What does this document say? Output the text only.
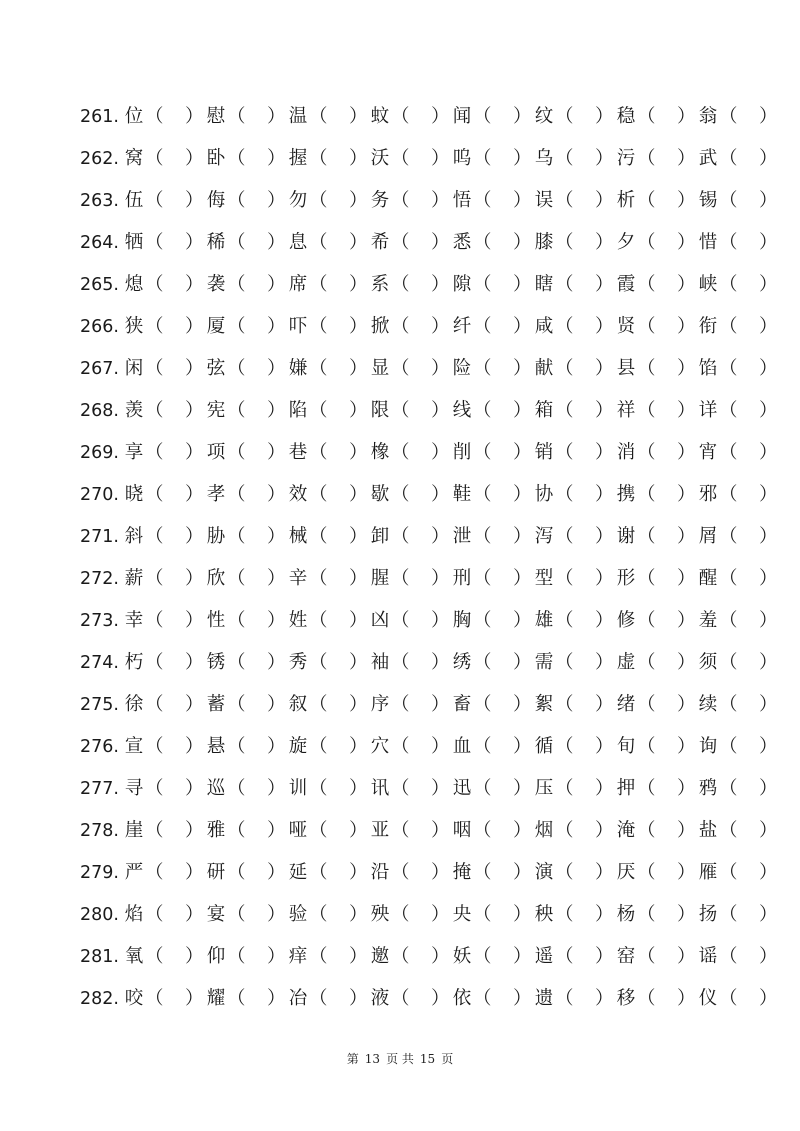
261. 位（ ） 慰（ ） 温（ ） 蚊（ ） 闻（ ） 纹（ ） 稳（ ） 翁（ ）
262. 窝（ ） 卧（ ） 握（ ） 沃（ ） 呜（ ） 乌（ ） 污（ ） 武（ ）
263. 伍（ ） 侮（ ） 勿（ ） 务（ ） 悟（ ） 误（ ） 析（ ） 锡（ ）
264. 牺（ ） 稀（ ） 息（ ） 希（ ） 悉（ ） 膝（ ） 夕（ ） 惜（ ）
265. 熄（ ） 袭（ ） 席（ ） 系（ ） 隙（ ） 瞎（ ） 霞（ ） 峡（ ）
266. 狭（ ） 厦（ ） 吓（ ） 掀（ ） 纤（ ） 咸（ ） 贤（ ） 衔（ ）
267. 闲（ ） 弦（ ） 嫌（ ） 显（ ） 险（ ） 献（ ） 县（ ） 馅（ ）
268. 羡（ ） 宪（ ） 陷（ ） 限（ ） 线（ ） 箱（ ） 祥（ ） 详（ ）
269. 享（ ） 项（ ） 巷（ ） 橡（ ） 削（ ） 销（ ） 消（ ） 宵（ ）
270. 晓（ ） 孝（ ） 效（ ） 歇（ ） 鞋（ ） 协（ ） 携（ ） 邪（ ）
271. 斜（ ） 胁（ ） 械（ ） 卸（ ） 泄（ ） 泻（ ） 谢（ ） 屑（ ）
272. 薪（ ） 欣（ ） 辛（ ） 腥（ ） 刑（ ） 型（ ） 形（ ） 醒（ ）
273. 幸（ ） 性（ ） 姓（ ） 凶（ ） 胸（ ） 雄（ ） 修（ ） 羞（ ）
274. 朽（ ） 锈（ ） 秀（ ） 袖（ ） 绣（ ） 需（ ） 虚（ ） 须（ ）
275. 徐（ ） 蓄（ ） 叙（ ） 序（ ） 畜（ ） 絮（ ） 绪（ ） 续（ ）
276. 宣（ ） 悬（ ） 旋（ ） 穴（ ） 血（ ） 循（ ） 旬（ ） 询（ ）
277. 寻（ ） 巡（ ） 训（ ） 讯（ ） 迅（ ） 压（ ） 押（ ） 鸦（ ）
278. 崖（ ） 雅（ ） 哑（ ） 亚（ ） 咽（ ） 烟（ ） 淹（ ） 盐（ ）
279. 严（ ） 研（ ） 延（ ） 沿（ ） 掩（ ） 演（ ） 厌（ ） 雁（ ）
280. 焰（ ） 宴（ ） 验（ ） 殃（ ） 央（ ） 秧（ ） 杨（ ） 扬（ ）
281. 氧（ ） 仰（ ） 痒（ ） 邀（ ） 妖（ ） 遥（ ） 窑（ ） 谣（ ）
282. 咬（ ） 耀（ ） 冶（ ） 液（ ） 依（ ） 遗（ ） 移（ ） 仪（ ）
第 13 页 共 15 页
